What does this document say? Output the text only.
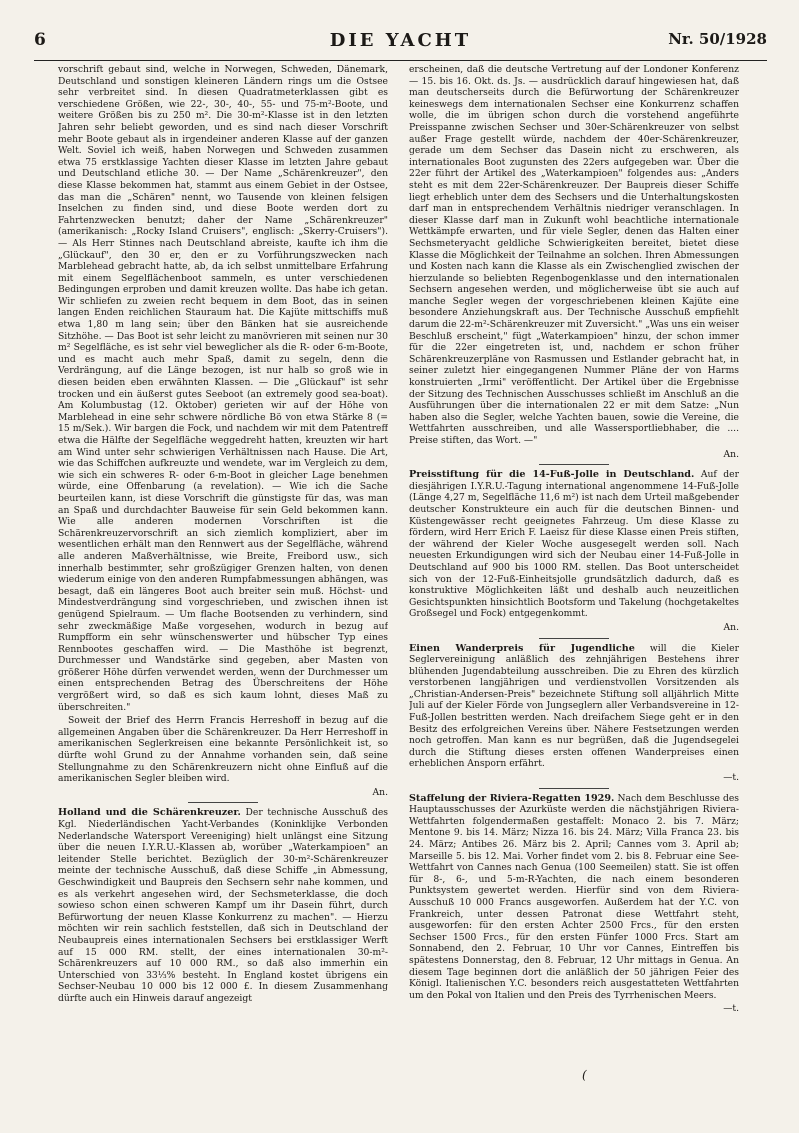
6	DIE YACHT	Nr. 50/1928

vorschrift gebaut sind, welche in Norwegen, Schweden, Dänemark, Deutschland und sonstigen kleineren Ländern rings um die Ostsee sehr verbreitet sind. In diesen Quadratmeterklassen gibt es verschiedene Größen, wie 22-, 30-, 40-, 55- und 75-m²-Boote, und weitere Größen bis zu 250 m². Die 30-m²-Klasse ist in den letzten Jahren sehr beliebt geworden, und es sind nach dieser Vorschrift mehr Boote gebaut als in irgendeiner anderen Klasse auf der ganzen Welt. Soviel ich weiß, haben Norwegen und Schweden zusammen etwa 75 erstklassige Yachten dieser Klasse im letzten Jahre gebaut und Deutschland etliche 30. — Der Name „Schärenkreuzer", den diese Klasse bekommen hat, stammt aus einem Gebiet in der Ostsee, das man die „Schären" nennt, wo Tausende von kleinen felsigen Inselchen zu finden sind, und diese Boote werden dort zu Fahrtenzwecken benutzt; daher der Name „Schärenkreuzer" (amerikanisch: „Rocky Island Cruisers", englisch: „Skerry-Cruisers"). — Als Herr Stinnes nach Deutschland abreiste, kaufte ich ihm die „Glückauf", den 30 er, den er zu Vorführungszwecken nach Marblehead gebracht hatte, ab, da ich selbst unmittelbare Erfahrung mit einem Segelflächenboot sammeln, es unter verschiedenen Bedingungen erproben und damit kreuzen wollte. Das habe ich getan. Wir schliefen zu zweien recht bequem in dem Boot, das in seinen langen Enden reichlichen Stauraum hat. Die Kajüte mittschiffs muß etwa 1,80 m lang sein; über den Bänken hat sie ausreichende Sitzhöhe. — Das Boot ist sehr leicht zu manövrieren mit seinen nur 30 m² Segelfläche, es ist sehr viel beweglicher als die R- oder 6-m-Boote, und es macht auch mehr Spaß, damit zu segeln, denn die Verdrängung, auf die Länge bezogen, ist nur halb so groß wie in diesen beiden eben erwähnten Klassen. — Die „Glückauf" ist sehr trocken und ein äußerst gutes Seeboot (an extremely good sea-boat). Am Kolumbustag (12. Oktober) gerieten wir auf der Höhe von Marblehead in eine sehr schwere nördliche Bö von etwa Stärke 8 (= 15 m/Sek.). Wir bargen die Fock, und nachdem wir mit dem Patentreff etwa die Hälfte der Segelfläche weggedreht hatten, kreuzten wir hart am Wind unter sehr schwierigen Verhältnissen nach Hause. Die Art, wie das Schiffchen aufkreuzte und wendete, war im Vergleich zu dem, wie sich ein schweres R- oder 6-m-Boot in gleicher Lage benehmen würde, eine Offenbarung (a revelation). — Wie ich die Sache beurteilen kann, ist diese Vorschrift die günstigste für das, was man an Spaß und durchdachter Bauweise für sein Geld bekommen kann. Wie alle anderen modernen Vorschriften ist die Schärenkreuzervorschrift an sich ziemlich kompliziert, aber im wesentlichen erhält man den Rennwert aus der Segelfläche, während alle anderen Maßverhältnisse, wie Breite, Freibord usw., sich innerhalb bestimmter, sehr großzügiger Grenzen halten, von denen wiederum einige von den anderen Rumpfabmessungen abhängen, was besagt, daß ein längeres Boot auch breiter sein muß. Höchst- und Mindestverdrängung sind vorgeschrieben, und zwischen ihnen ist genügend Spielraum. — Um flache Bootsenden zu verhindern, sind sehr zweckmäßige Maße vorgesehen, wodurch in bezug auf Rumpfform ein sehr wünschenswerter und hübscher Typ eines Rennbootes geschaffen wird. — Die Masthöhe ist begrenzt, Durchmesser und Wandstärke sind gegeben, aber Masten von größerer Höhe dürfen verwendet werden, wenn der Durchmesser um einen entsprechenden Betrag des Überschreitens der Höhe vergrößert wird, so daß es sich kaum lohnt, dieses Maß zu überschreiten."

Soweit der Brief des Herrn Francis Herreshoff in bezug auf die allgemeinen Angaben über die Schärenkreuzer. Da Herr Herreshoff in amerikanischen Seglerkreisen eine bekannte Persönlichkeit ist, so dürfte wohl Grund zu der Annahme vorhanden sein, daß seine Stellungnahme zu den Schärenkreuzern nicht ohne Einfluß auf die amerikanischen Segler bleiben wird.

An.

Holland und die Schärenkreuzer. Der technische Ausschuß des Kgl. Niederländischen Yacht-Verbandes (Koninklijke Verbonden Nederlandsche Watersport Vereeniging) hielt unlängst eine Sitzung über die neuen I.Y.R.U.-Klassen ab, worüber „Waterkampioen" an leitender Stelle berichtet. Bezüglich der 30-m²-Schärenkreuzer meinte der technische Ausschuß, daß diese Schiffe „in Abmessung, Geschwindigkeit und Baupreis den Sechsern sehr nahe kommen, und es als verkehrt angesehen wird, der Sechsmeterklasse, die doch sowieso schon einen schweren Kampf um ihr Dasein führt, durch Befürwortung der neuen Klasse Konkurrenz zu machen". — Hierzu möchten wir rein sachlich feststellen, daß sich in Deutschland der Neubaupreis eines internationalen Sechsers bei erstklassiger Werft auf 15 000 RM. stellt, der eines internationalen 30-m²-Schärenkreuzers auf 10 000 RM., so daß also immerhin ein Unterschied von 33⅓% besteht. In England kostet übrigens ein Sechser-Neubau 10 000 bis 12 000 £. In diesem Zusammenhang dürfte auch ein Hinweis darauf angezeigt

erscheinen, daß die deutsche Vertretung auf der Londoner Konferenz — 15. bis 16. Okt. ds. Js. — ausdrücklich darauf hingewiesen hat, daß man deutscherseits durch die Befürwortung der Schärenkreuzer keineswegs dem internationalen Sechser eine Konkurrenz schaffen wolle, die im übrigen schon durch die vorstehend angeführte Preisspanne zwischen Sechser und 30er-Schärenkreuzer von selbst außer Frage gestellt würde, nachdem der 40er-Schärenkreuzer, gerade um dem Sechser das Dasein nicht zu erschweren, als internationales Boot zugunsten des 22ers aufgegeben war. Über die 22er führt der Artikel des „Waterkampioen" folgendes aus: „Anders steht es mit dem 22er-Schärenkreuzer. Der Baupreis dieser Schiffe liegt erheblich unter dem des Sechsers und die Unterhaltungskosten darf man in entsprechendem Verhältnis niedriger veranschlagen. In dieser Klasse darf man in Zukunft wohl beachtliche internationale Wettkämpfe erwarten, und für viele Segler, denen das Halten einer Sechsmeteryacht geldliche Schwierigkeiten bereitet, bietet diese Klasse die Möglichkeit der Teilnahme an solchen. Ihren Abmessungen und Kosten nach kann die Klasse als ein Zwischenglied zwischen der hierzulande so beliebten Regenbogenklasse und den internationalen Sechsern angesehen werden, und möglicherweise übt sie auch auf manche Segler wegen der vorgeschriebenen kleinen Kajüte eine besondere Anziehungskraft aus. Der Technische Ausschuß empfiehlt darum die 22-m²-Schärenkreuzer mit Zuversicht." „Was uns ein weiser Beschluß erscheint," fügt „Waterkampioen" hinzu, der schon immer für die 22er eingetreten ist, und, nachdem er schon früher Schärenkreuzerpläne von Rasmussen und Estlander gebracht hat, in seiner zuletzt hier eingegangenen Nummer Pläne der von Harms konstruierten „Irmi" veröffentlicht. Der Artikel über die Ergebnisse der Sitzung des Technischen Ausschusses schließt im Anschluß an die Ausführungen über die internationalen 22 er mit dem Satze: „Nun haben also die Segler, welche Yachten bauen, sowie die Vereine, die Wettfahrten ausschreiben, und alle Wassersportliebhaber, die .... Preise stiften, das Wort. —"

An.

Preisstiftung für die 14-Fuß-Jolle in Deutschland. Auf der diesjährigen I.Y.R.U.-Tagung international angenommene 14-Fuß-Jolle (Länge 4,27 m, Segelfläche 11,6 m²) ist nach dem Urteil maßgebender deutscher Konstrukteure ein auch für die deutschen Binnen- und Küstengewässer recht geeignetes Fahrzeug. Um diese Klasse zu fördern, wird Herr Erich F. Laeisz für diese Klasse einen Preis stiften, der während der Kieler Woche ausgesegelt werden soll. Nach neuesten Erkundigungen wird sich der Neubau einer 14-Fuß-Jolle in Deutschland auf 900 bis 1000 RM. stellen. Das Boot unterscheidet sich von der 12-Fuß-Einheitsjolle grundsätzlich dadurch, daß es konstruktive Möglichkeiten läßt und deshalb auch neuzeitlichen Gesichtspunkten hinsichtlich Bootsform und Takelung (hochgetakeltes Großsegel und Fock) entgegenkommt.

An.

Einen Wanderpreis für Jugendliche will die Kieler Seglervereinigung anläßlich des zehnjährigen Bestehens ihrer blühenden Jugendabteilung ausschreiben. Die zu Ehren des kürzlich verstorbenen langjährigen und verdienstvollen Vorsitzenden als „Christian-Andersen-Preis" bezeichnete Stiftung soll alljährlich Mitte Juli auf der Kieler Förde von Jungseglern aller Verbandsvereine in 12-Fuß-Jollen bestritten werden. Nach dreifachem Siege geht er in den Besitz des erfolgreichen Vereins über. Nähere Festsetzungen werden noch getroffen. Man kann es nur begrüßen, daß die Jugendsegelei durch die Stiftung dieses ersten offenen Wanderpreises einen erheblichen Ansporn erfährt.

—t.

Staffelung der Riviera-Regatten 1929. Nach dem Beschlusse des Hauptausschusses der Azurküste werden die nächstjährigen Riviera-Wettfahrten folgendermaßen gestaffelt: Monaco 2. bis 7. März; Mentone 9. bis 14. März; Nizza 16. bis 24. März; Villa Franca 23. bis 24. März; Antibes 26. März bis 2. April; Cannes vom 3. April ab; Marseille 5. bis 12. Mai. Vorher findet vom 2. bis 8. Februar eine See-Wettfahrt von Cannes nach Genua (100 Seemeilen) statt. Sie ist offen für 8-, 6-, und 5-m-R-Yachten, die nach einem besonderen Punktsystem gewertet werden. Hierfür sind von dem Riviera-Ausschuß 10 000 Francs ausgeworfen. Außerdem hat der Y.C. von Frankreich, unter dessen Patronat diese Wettfahrt steht, ausgeworfen: für den ersten Achter 2500 Frcs., für den ersten Sechser 1500 Frcs., für den ersten Fünfer 1000 Frcs. Start am Sonnabend, den 2. Februar, 10 Uhr vor Cannes, Eintreffen bis spätestens Donnerstag, den 8. Februar, 12 Uhr mittags in Genua. An diesem Tage beginnen dort die anläßlich der 50 jährigen Feier des Königl. Italienischen Y.C. besonders reich ausgestatteten Wettfahrten um den Pokal von Italien und den Preis des Tyrrhenischen Meers.

—t.
(
